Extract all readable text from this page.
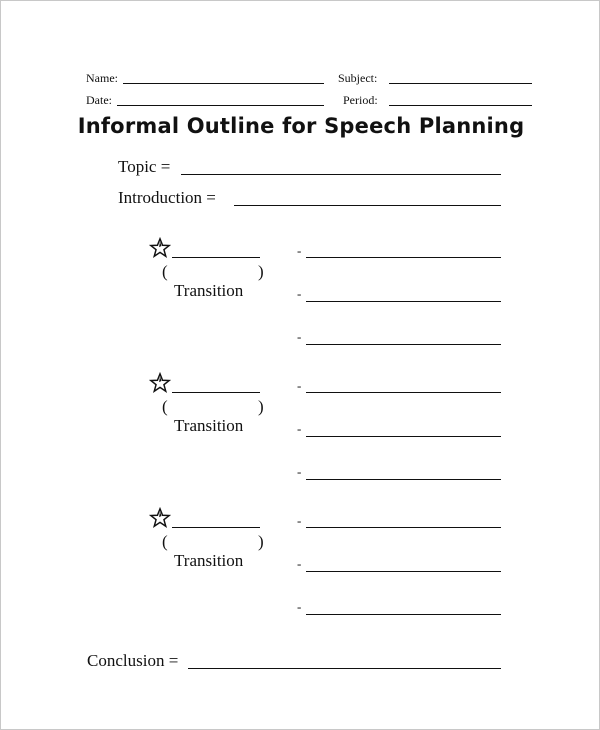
Name:	Subject:
Date:	Period:
Informal Outline for Speech Planning
Topic =
Introduction =
(	)
Transition
-
-
-
(	)
Transition
-
-
-
(	)
Transition
-
-
-
Conclusion =
